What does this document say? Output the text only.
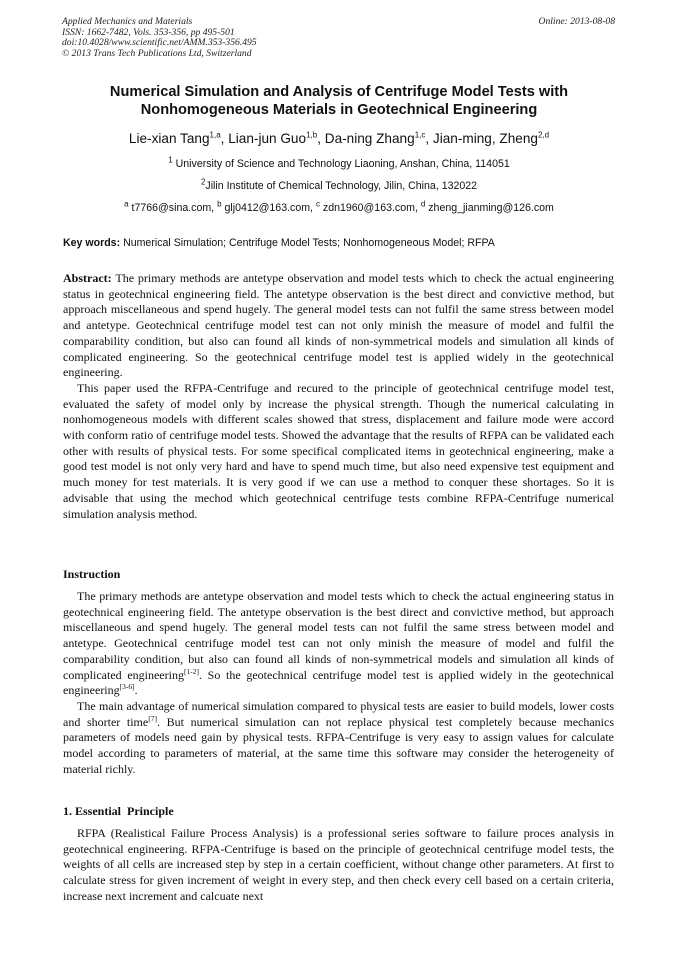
Applied Mechanics and Materials
ISSN: 1662-7482, Vols. 353-356, pp 495-501
doi:10.4028/www.scientific.net/AMM.353-356.495
© 2013 Trans Tech Publications Ltd, Switzerland
Online: 2013-08-08
Numerical Simulation and Analysis of Centrifuge Model Tests with
Nonhomogeneous Materials in Geotechnical Engineering
Lie-xian Tang$^{1,a}$, Lian-jun Guo$^{1,b}$, Da-ning Zhang$^{1,c}$, Jian-ming, Zheng$^{2,d}$
$^1$ University of Science and Technology Liaoning, Anshan, China, 114051
$^2$Jilin Institute of Chemical Technology, Jilin, China, 132022
$^a$ t7766@sina.com, $^b$ glj0412@163.com, $^c$ zdn1960@163.com, $^d$ zheng_jianming@126.com
Key words: Numerical Simulation; Centrifuge Model Tests; Nonhomogeneous Model; RFPA

Abstract: The primary methods are antetype observation and model tests which to check the actual engineering status in geotechnical engineering field. The antetype observation is the best direct and convictive method, but approach miscellaneous and spend hugely. The general model tests can not fulfil the same stress between model and antetype. Geotechnical centrifuge model test can not only minish the measure of model and fulfil the comparability condition, but also can found all kinds of non-symmetrical models and simulation all kinds of complicated engineering. So the geotechnical centrifuge model test is applied widely in the geotechnical engineering.

This paper used the RFPA-Centrifuge and recured to the principle of geotechnical centrifuge model test, evaluated the safety of model only by increase the physical strength. Though the numerical calculating in nonhomogeneous models with different scales showed that stress, displacement and failure mode were accord with conform ratio of centrifuge model tests. Showed the advantage that the results of RFPA can be validated each other with results of physical tests. For some specifical complicated items in geotechnical engineering, make a good test model is not only very hard and have to spend much time, but also need expensive test equipment and much money for test materials. It is very good if we can use a method to conquer these shortages. So it is advisable that using the mechod which geotechnical centrifuge tests combine RFPA-Centrifuge numerical simulation analysis method.

Instruction

The primary methods are antetype observation and model tests which to check the actual engineering status in geotechnical engineering field. The antetype observation is the best direct and convictive method, but approach miscellaneous and spend hugely. The general model tests can not fulfil the same stress between model and antetype. Geotechnical centrifuge model test can not only minish the measure of model and fulfil the comparability condition, but also can found all kinds of non-symmetrical models and simulation all kinds of complicated engineering[1-2]. So the geotechnical centrifuge model test is applied widely in the geotechnical engineering[3-6].

The main advantage of numerical simulation compared to physical tests are easier to build models, lower costs and shorter time[7]. But numerical simulation can not replace physical test completely because mechanics parameters of models need gain by physical tests. RFPA-Centrifuge is very easy to assign values for calculate model according to parameters of material, at the same time this software may consider the heterogeneity of material richly.

1. Essential  Principle

RFPA (Realistical Failure Process Analysis) is a professional series software to failure proces analysis in geotechnical engineering. RFPA-Centrifuge is based on the principle of geotechnical centrifuge model tests, the weights of all cells are increased step by step in a certain coefficient, without change other parameters. At first to calculate stress for given increment of weight in every step, and then check every cell based on a certain criteria, increase next increment and calcuate next
